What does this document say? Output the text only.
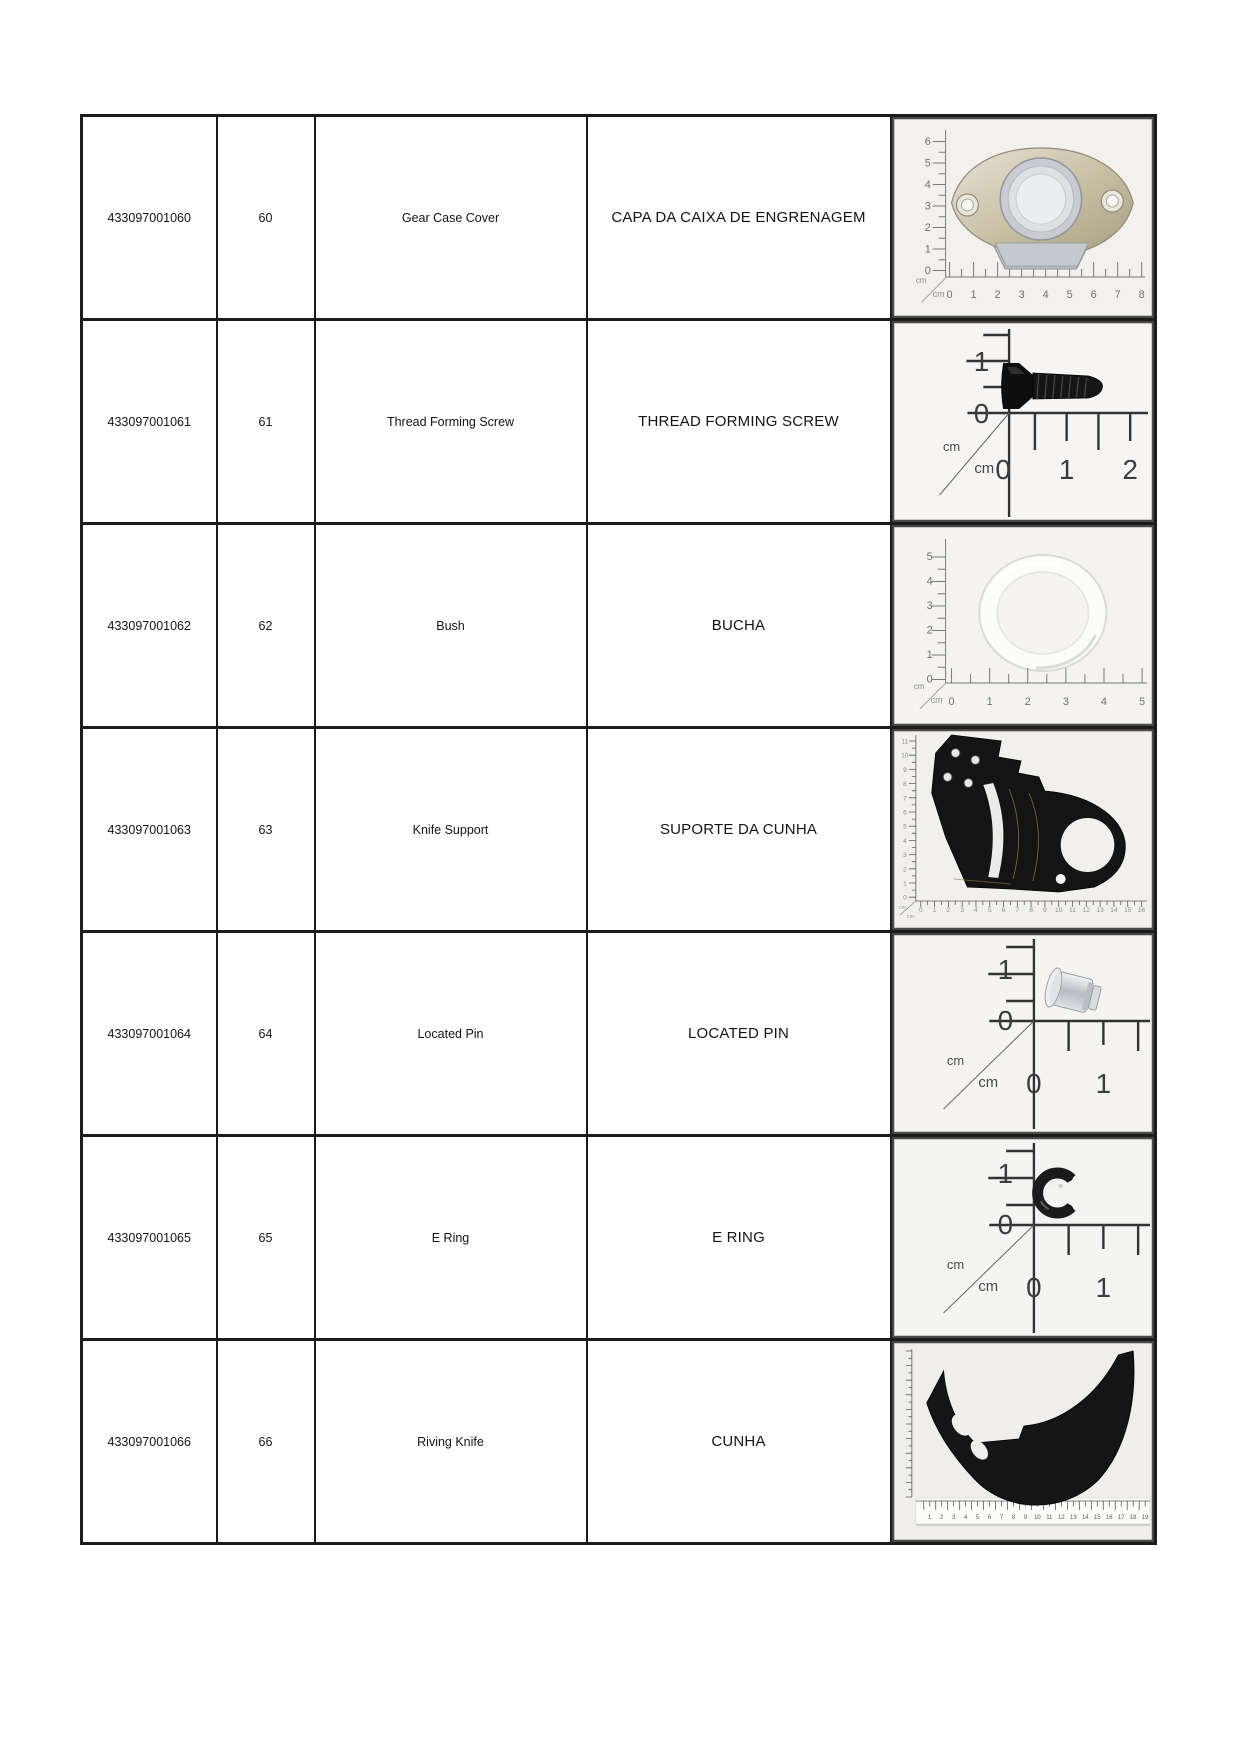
433097001060	60	Gear Case Cover	CAPA DA CAIXA DE ENGRENAGEM	
6
5
4
3
2
1
0
0 1 2 3 4 5 6 7 8
cm
cm

433097001061	61	Thread Forming Screw	THREAD FORMING SCREW	
1
0
0 1 2
cm
cm

433097001062	62	Bush	BUCHA	
5
4
3
2
1
0
0	1	2	3	4	5
cm
cm

433097001063	63	Knife Support	SUPORTE DA CUNHA	
11
10
9
8
7
6
5
4
3
2
1
0
0 1 2 3 4 5 6 7 8 9 10 11 12 13 14 15 16
cm
cm

433097001064	64	Located Pin	LOCATED PIN	
1
0
0 1
cm
cm

433097001065	65	E Ring	E RING	
1
0
0 1
cm
cm

433097001066	66	Riving Knife	CUNHA	
1 2 3 4 5 6 7 8 9 10 11 12 13 14 15 16 17 18 19
